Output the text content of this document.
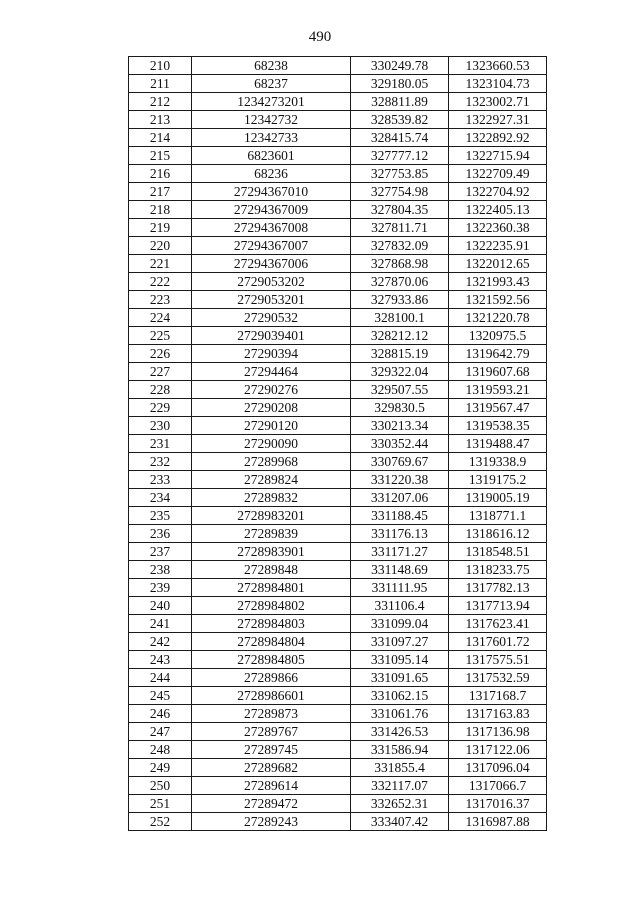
490
210	68238	330249.78	1323660.53
211	68237	329180.05	1323104.73
212	1234273201	328811.89	1323002.71
213	12342732	328539.82	1322927.31
214	12342733	328415.74	1322892.92
215	6823601	327777.12	1322715.94
216	68236	327753.85	1322709.49
217	27294367010	327754.98	1322704.92
218	27294367009	327804.35	1322405.13
219	27294367008	327811.71	1322360.38
220	27294367007	327832.09	1322235.91
221	27294367006	327868.98	1322012.65
222	2729053202	327870.06	1321993.43
223	2729053201	327933.86	1321592.56
224	27290532	328100.1	1321220.78
225	2729039401	328212.12	1320975.5
226	27290394	328815.19	1319642.79
227	27294464	329322.04	1319607.68
228	27290276	329507.55	1319593.21
229	27290208	329830.5	1319567.47
230	27290120	330213.34	1319538.35
231	27290090	330352.44	1319488.47
232	27289968	330769.67	1319338.9
233	27289824	331220.38	1319175.2
234	27289832	331207.06	1319005.19
235	2728983201	331188.45	1318771.1
236	27289839	331176.13	1318616.12
237	2728983901	331171.27	1318548.51
238	27289848	331148.69	1318233.75
239	2728984801	331111.95	1317782.13
240	2728984802	331106.4	1317713.94
241	2728984803	331099.04	1317623.41
242	2728984804	331097.27	1317601.72
243	2728984805	331095.14	1317575.51
244	27289866	331091.65	1317532.59
245	2728986601	331062.15	1317168.7
246	27289873	331061.76	1317163.83
247	27289767	331426.53	1317136.98
248	27289745	331586.94	1317122.06
249	27289682	331855.4	1317096.04
250	27289614	332117.07	1317066.7
251	27289472	332652.31	1317016.37
252	27289243	333407.42	1316987.88
